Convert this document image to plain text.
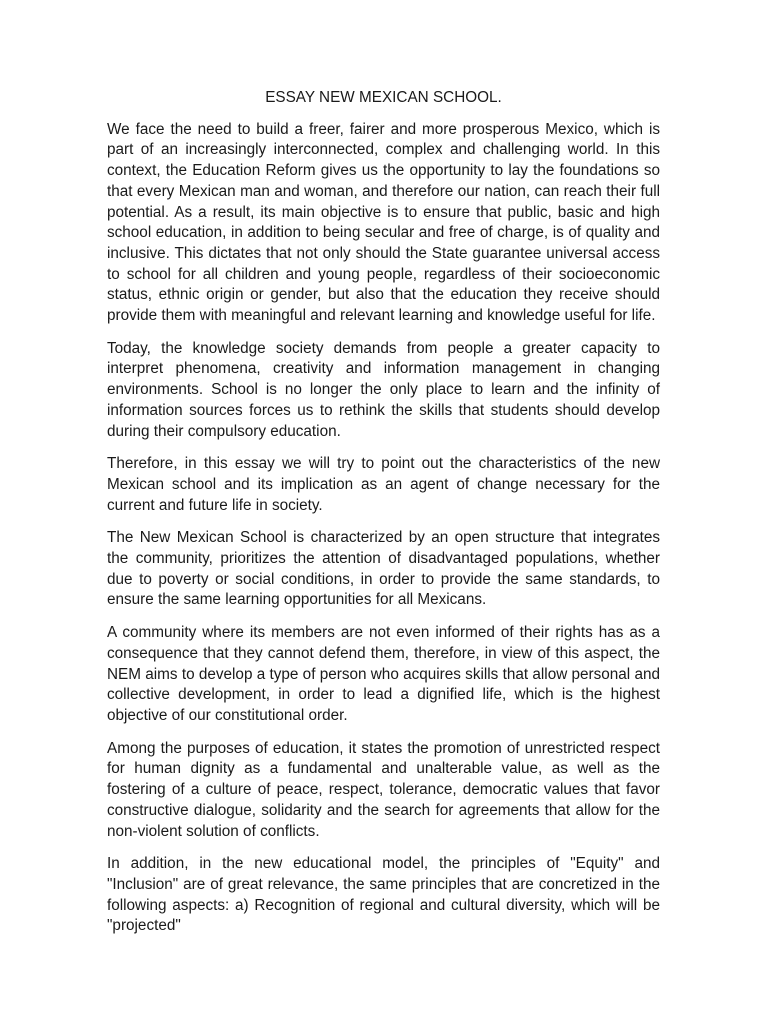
ESSAY NEW MEXICAN SCHOOL.

We face the need to build a freer, fairer and more prosperous Mexico, which is part of an increasingly interconnected, complex and challenging world. In this context, the Education Reform gives us the opportunity to lay the foundations so that every Mexican man and woman, and therefore our nation, can reach their full potential. As a result, its main objective is to ensure that public, basic and high school education, in addition to being secular and free of charge, is of quality and inclusive. This dictates that not only should the State guarantee universal access to school for all children and young people, regardless of their socioeconomic status, ethnic origin or gender, but also that the education they receive should provide them with meaningful and relevant learning and knowledge useful for life.

Today, the knowledge society demands from people a greater capacity to interpret phenomena, creativity and information management in changing environments. School is no longer the only place to learn and the infinity of information sources forces us to rethink the skills that students should develop during their compulsory education.

Therefore, in this essay we will try to point out the characteristics of the new Mexican school and its implication as an agent of change necessary for the current and future life in society.

The New Mexican School is characterized by an open structure that integrates the community, prioritizes the attention of disadvantaged populations, whether due to poverty or social conditions, in order to provide the same standards, to ensure the same learning opportunities for all Mexicans.

A community where its members are not even informed of their rights has as a consequence that they cannot defend them, therefore, in view of this aspect, the NEM aims to develop a type of person who acquires skills that allow personal and collective development, in order to lead a dignified life, which is the highest objective of our constitutional order.

Among the purposes of education, it states the promotion of unrestricted respect for human dignity as a fundamental and unalterable value, as well as the fostering of a culture of peace, respect, tolerance, democratic values that favor constructive dialogue, solidarity and the search for agreements that allow for the non-violent solution of conflicts.

In addition, in the new educational model, the principles of "Equity" and "Inclusion" are of great relevance, the same principles that are concretized in the following aspects: a) Recognition of regional and cultural diversity, which will be "projected"
